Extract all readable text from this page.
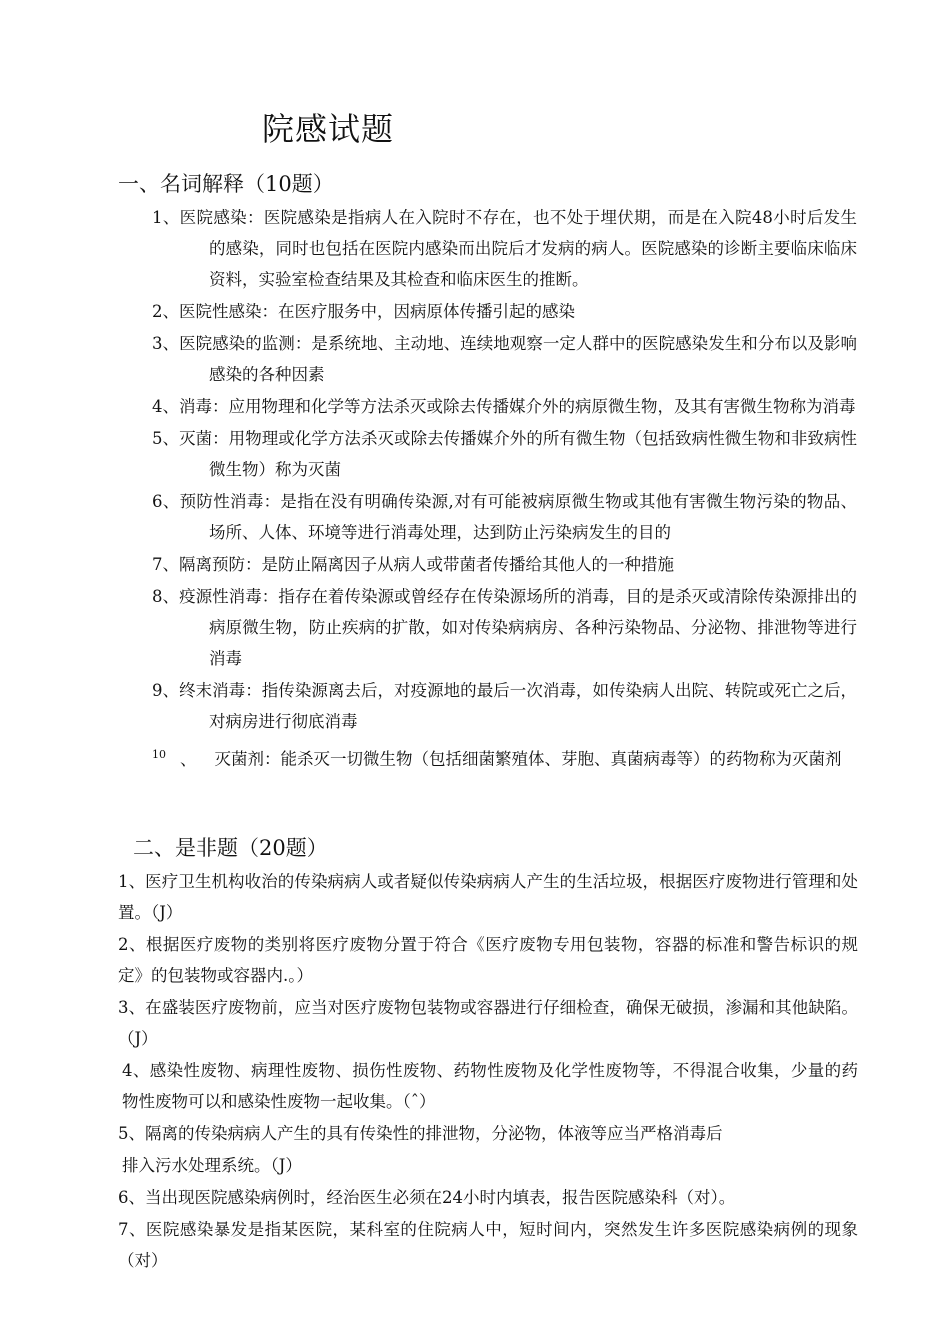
院感试题
一、名词解释（10题）
1、医院感染：医院感染是指病人在入院时不存在，也不处于埋伏期，而是在入院48小时后发生的感染，同时也包括在医院内感染而出院后才发病的病人。医院感染的诊断主要临床临床资料，实验室检查结果及其检查和临床医生的推断。
2、医院性感染：在医疗服务中，因病原体传播引起的感染
3、医院感染的监测：是系统地、主动地、连续地观察一定人群中的医院感染发生和分布以及影响感染的各种因素
4、消毒：应用物理和化学等方法杀灭或除去传播媒介外的病原微生物，及其有害微生物称为消毒
5、灭菌：用物理或化学方法杀灭或除去传播媒介外的所有微生物（包括致病性微生物和非致病性微生物）称为灭菌
6、预防性消毒：是指在没有明确传染源,对有可能被病原微生物或其他有害微生物污染的物品、场所、人体、环境等进行消毒处理，达到防止污染病发生的目的
7、隔离预防：是防止隔离因子从病人或带菌者传播给其他人的一种措施
8、疫源性消毒：指存在着传染源或曾经存在传染源场所的消毒，目的是杀灭或清除传染源排出的病原微生物，防止疾病的扩散，如对传染病病房、各种污染物品、分泌物、排泄物等进行消毒
9、终末消毒：指传染源离去后，对疫源地的最后一次消毒，如传染病人出院、转院或死亡之后，对病房进行彻底消毒
$^{10}$ 、 灭菌剂：能杀灭一切微生物（包括细菌繁殖体、芽胞、真菌病毒等）的药物称为灭菌剂
二、是非题（20题）
1、医疗卫生机构收治的传染病病人或者疑似传染病病人产生的生活垃圾，根据医疗废物进行管理和处置。（J）
2、根据医疗废物的类别将医疗废物分置于符合《医疗废物专用包装物，容器的标准和警告标识的规定》的包装物或容器内.。）
3、在盛装医疗废物前，应当对医疗废物包装物或容器进行仔细检查，确保无破损，渗漏和其他缺陷。（J）
4、感染性废物、病理性废物、损伤性废物、药物性废物及化学性废物等，不得混合收集，少量的药物性废物可以和感染性废物一起收集。（ˆ）
5、隔离的传染病病人产生的具有传染性的排泄物，分泌物，体液等应当严格消毒后
排入污水处理系统。（J）
6、当出现医院感染病例时，经治医生必须在24小时内填表，报告医院感染科（对）。
7、医院感染暴发是指某医院，某科室的住院病人中，短时间内，突然发生许多医院感染病例的现象（对）
